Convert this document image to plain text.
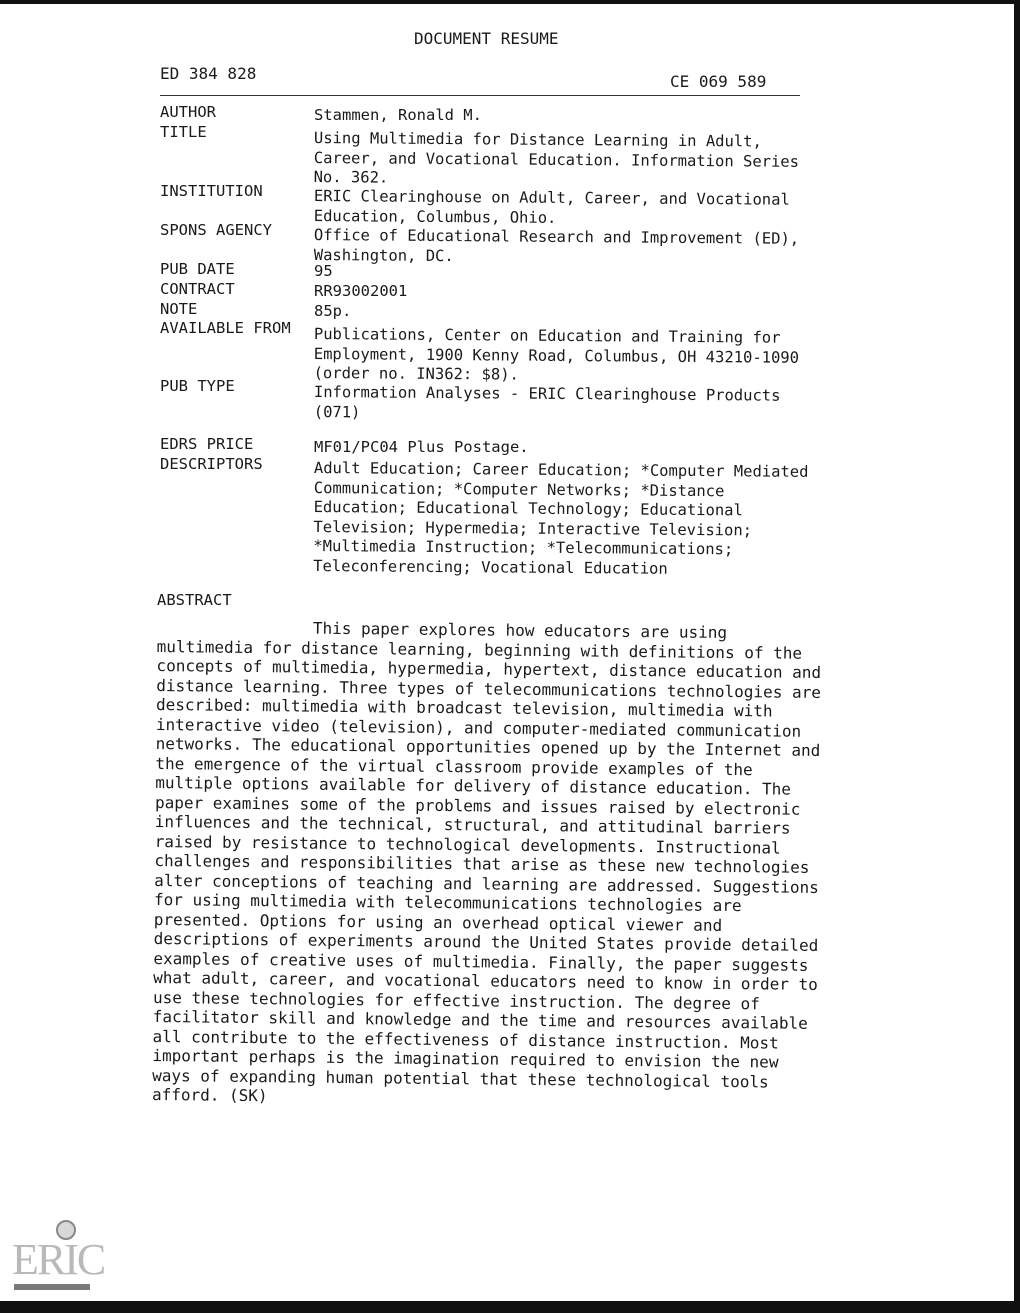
DOCUMENT RESUME
ED 384 828	CE 069 589
AUTHOR	Stammen, Ronald M.
TITLE	Using Multimedia for Distance Learning in Adult,
Career, and Vocational Education. Information Series
No. 362.
INSTITUTION	ERIC Clearinghouse on Adult, Career, and Vocational
Education, Columbus, Ohio.
SPONS AGENCY	Office of Educational Research and Improvement (ED),
Washington, DC.
PUB DATE	95
CONTRACT	RR93002001
NOTE	85p.
AVAILABLE FROM Publications, Center on Education and Training for
Employment, 1900 Kenny Road, Columbus, OH 43210-1090
(order no. IN362: $8).
PUB TYPE	Information Analyses - ERIC Clearinghouse Products
(071)
EDRS PRICE	MF01/PC04 Plus Postage.
DESCRIPTORS	Adult Education; Career Education; *Computer Mediated
Communication; *Computer Networks; *Distance
Education; Educational Technology; Educational
Television; Hypermedia; Interactive Television;
*Multimedia Instruction; *Telecommunications;
Teleconferencing; Vocational Education
ABSTRACT
This paper explores how educators are using
multimedia for distance learning, beginning with definitions of the
concepts of multimedia, hypermedia, hypertext, distance education and
distance learning. Three types of telecommunications technologies are
described: multimedia with broadcast television, multimedia with
interactive video (television), and computer-mediated communication
networks. The educational opportunities opened up by the Internet and
the emergence of the virtual classroom provide examples of the
multiple options available for delivery of distance education. The
paper examines some of the problems and issues raised by electronic
influences and the technical, structural, and attitudinal barriers
raised by resistance to technological developments. Instructional
challenges and responsibilities that arise as these new technologies
alter conceptions of teaching and learning are addressed. Suggestions
for using multimedia with telecommunications technologies are
presented. Options for using an overhead optical viewer and
descriptions of experiments around the United States provide detailed
examples of creative uses of multimedia. Finally, the paper suggests
what adult, career, and vocational educators need to know in order to
use these technologies for effective instruction. The degree of
facilitator skill and knowledge and the time and resources available
all contribute to the effectiveness of distance instruction. Most
important perhaps is the imagination required to envision the new
ways of expanding human potential that these technological tools
afford. (SK)
ERIC
